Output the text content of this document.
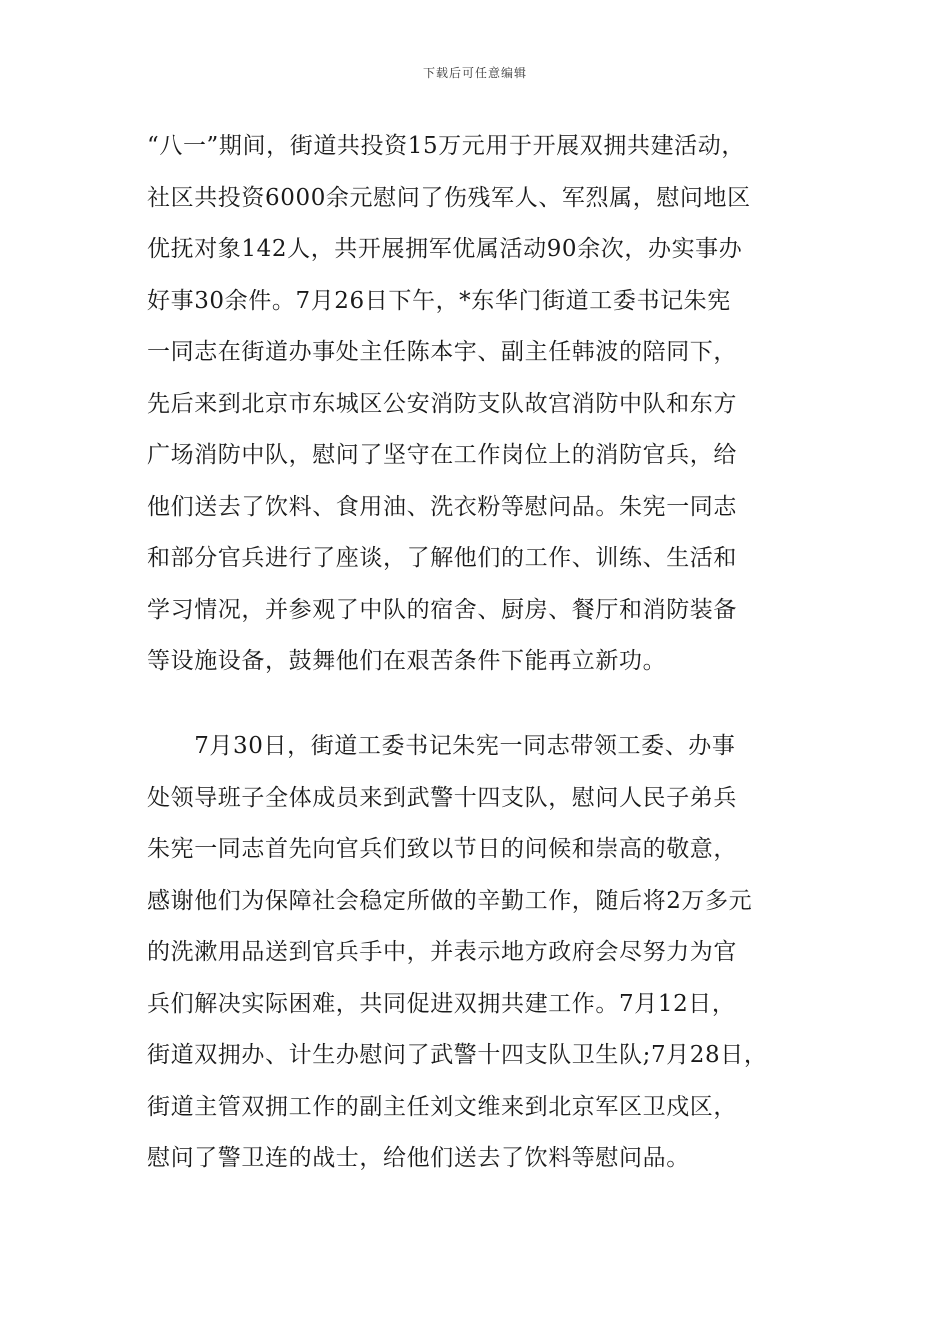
下载后可任意编辑
“八一”期间，街道共投资15万元用于开展双拥共建活动，
社区共投资6000余元慰问了伤残军人、军烈属，慰问地区
优抚对象142人，共开展拥军优属活动90余次，办实事办
好事30余件。7月26日下午，*东华门街道工委书记朱宪
一同志在街道办事处主任陈本宇、副主任韩波的陪同下，
先后来到北京市东城区公安消防支队故宫消防中队和东方
广场消防中队，慰问了坚守在工作岗位上的消防官兵，给
他们送去了饮料、食用油、洗衣粉等慰问品。朱宪一同志
和部分官兵进行了座谈，了解他们的工作、训练、生活和
学习情况，并参观了中队的宿舍、厨房、餐厅和消防装备
等设施设备，鼓舞他们在艰苦条件下能再立新功。
　　7月30日，街道工委书记朱宪一同志带领工委、办事
处领导班子全体成员来到武警十四支队，慰问人民子弟兵
朱宪一同志首先向官兵们致以节日的问候和崇高的敬意，
感谢他们为保障社会稳定所做的辛勤工作，随后将2万多元
的洗漱用品送到官兵手中，并表示地方政府会尽努力为官
兵们解决实际困难，共同促进双拥共建工作。7月12日，
街道双拥办、计生办慰问了武警十四支队卫生队;7月28日，
街道主管双拥工作的副主任刘文维来到北京军区卫戍区，
慰问了警卫连的战士，给他们送去了饮料等慰问品。
